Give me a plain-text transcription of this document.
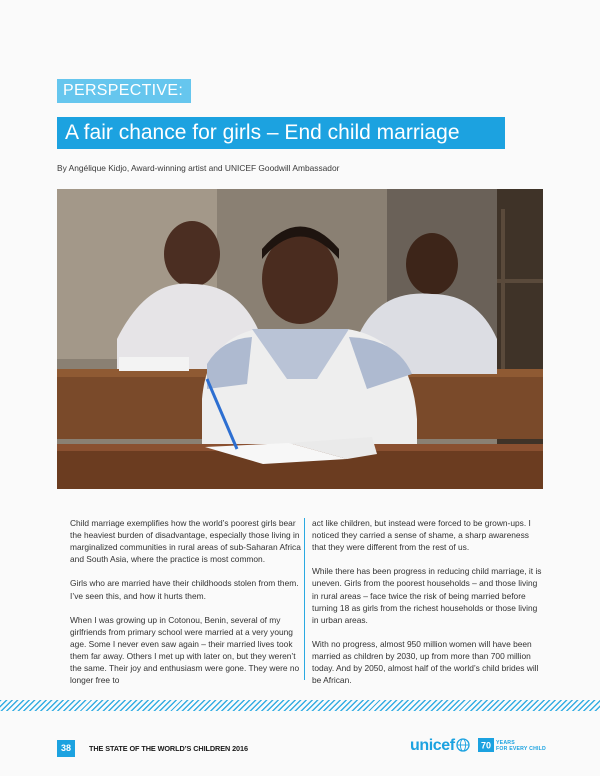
PERSPECTIVE:
A fair chance for girls – End child marriage
By Angélique Kidjo, Award-winning artist and UNICEF Goodwill Ambassador

Child marriage exemplifies how the world’s poorest girls bear the heaviest burden of disadvantage, especially those living in marginalized communities in rural areas of sub-Saharan Africa and South Asia, where the practice is most common.

Girls who are married have their childhoods stolen from them. I’ve seen this, and how it hurts them.

When I was growing up in Cotonou, Benin, several of my girlfriends from primary school were married at a very young age. Some I never even saw again – their married lives took them far away. Others I met up with later on, but they weren’t the same. Their joy and enthusiasm were gone. They were no longer free to

act like children, but instead were forced to be grown-ups. I noticed they carried a sense of shame, a sharp awareness that they were different from the rest of us.

While there has been progress in reducing child marriage, it is uneven. Girls from the poorest households – and those living in rural areas – face twice the risk of being married before turning 18 as girls from the richest households or those living in urban areas.

With no progress, almost 950 million women will have been married as children by 2030, up from more than 700 million today. And by 2050, almost half of the world’s child brides will be African.

38	THE STATE OF THE WORLD’S CHILDREN 2016	unicef	70 YEARS
FOR EVERY CHILD
